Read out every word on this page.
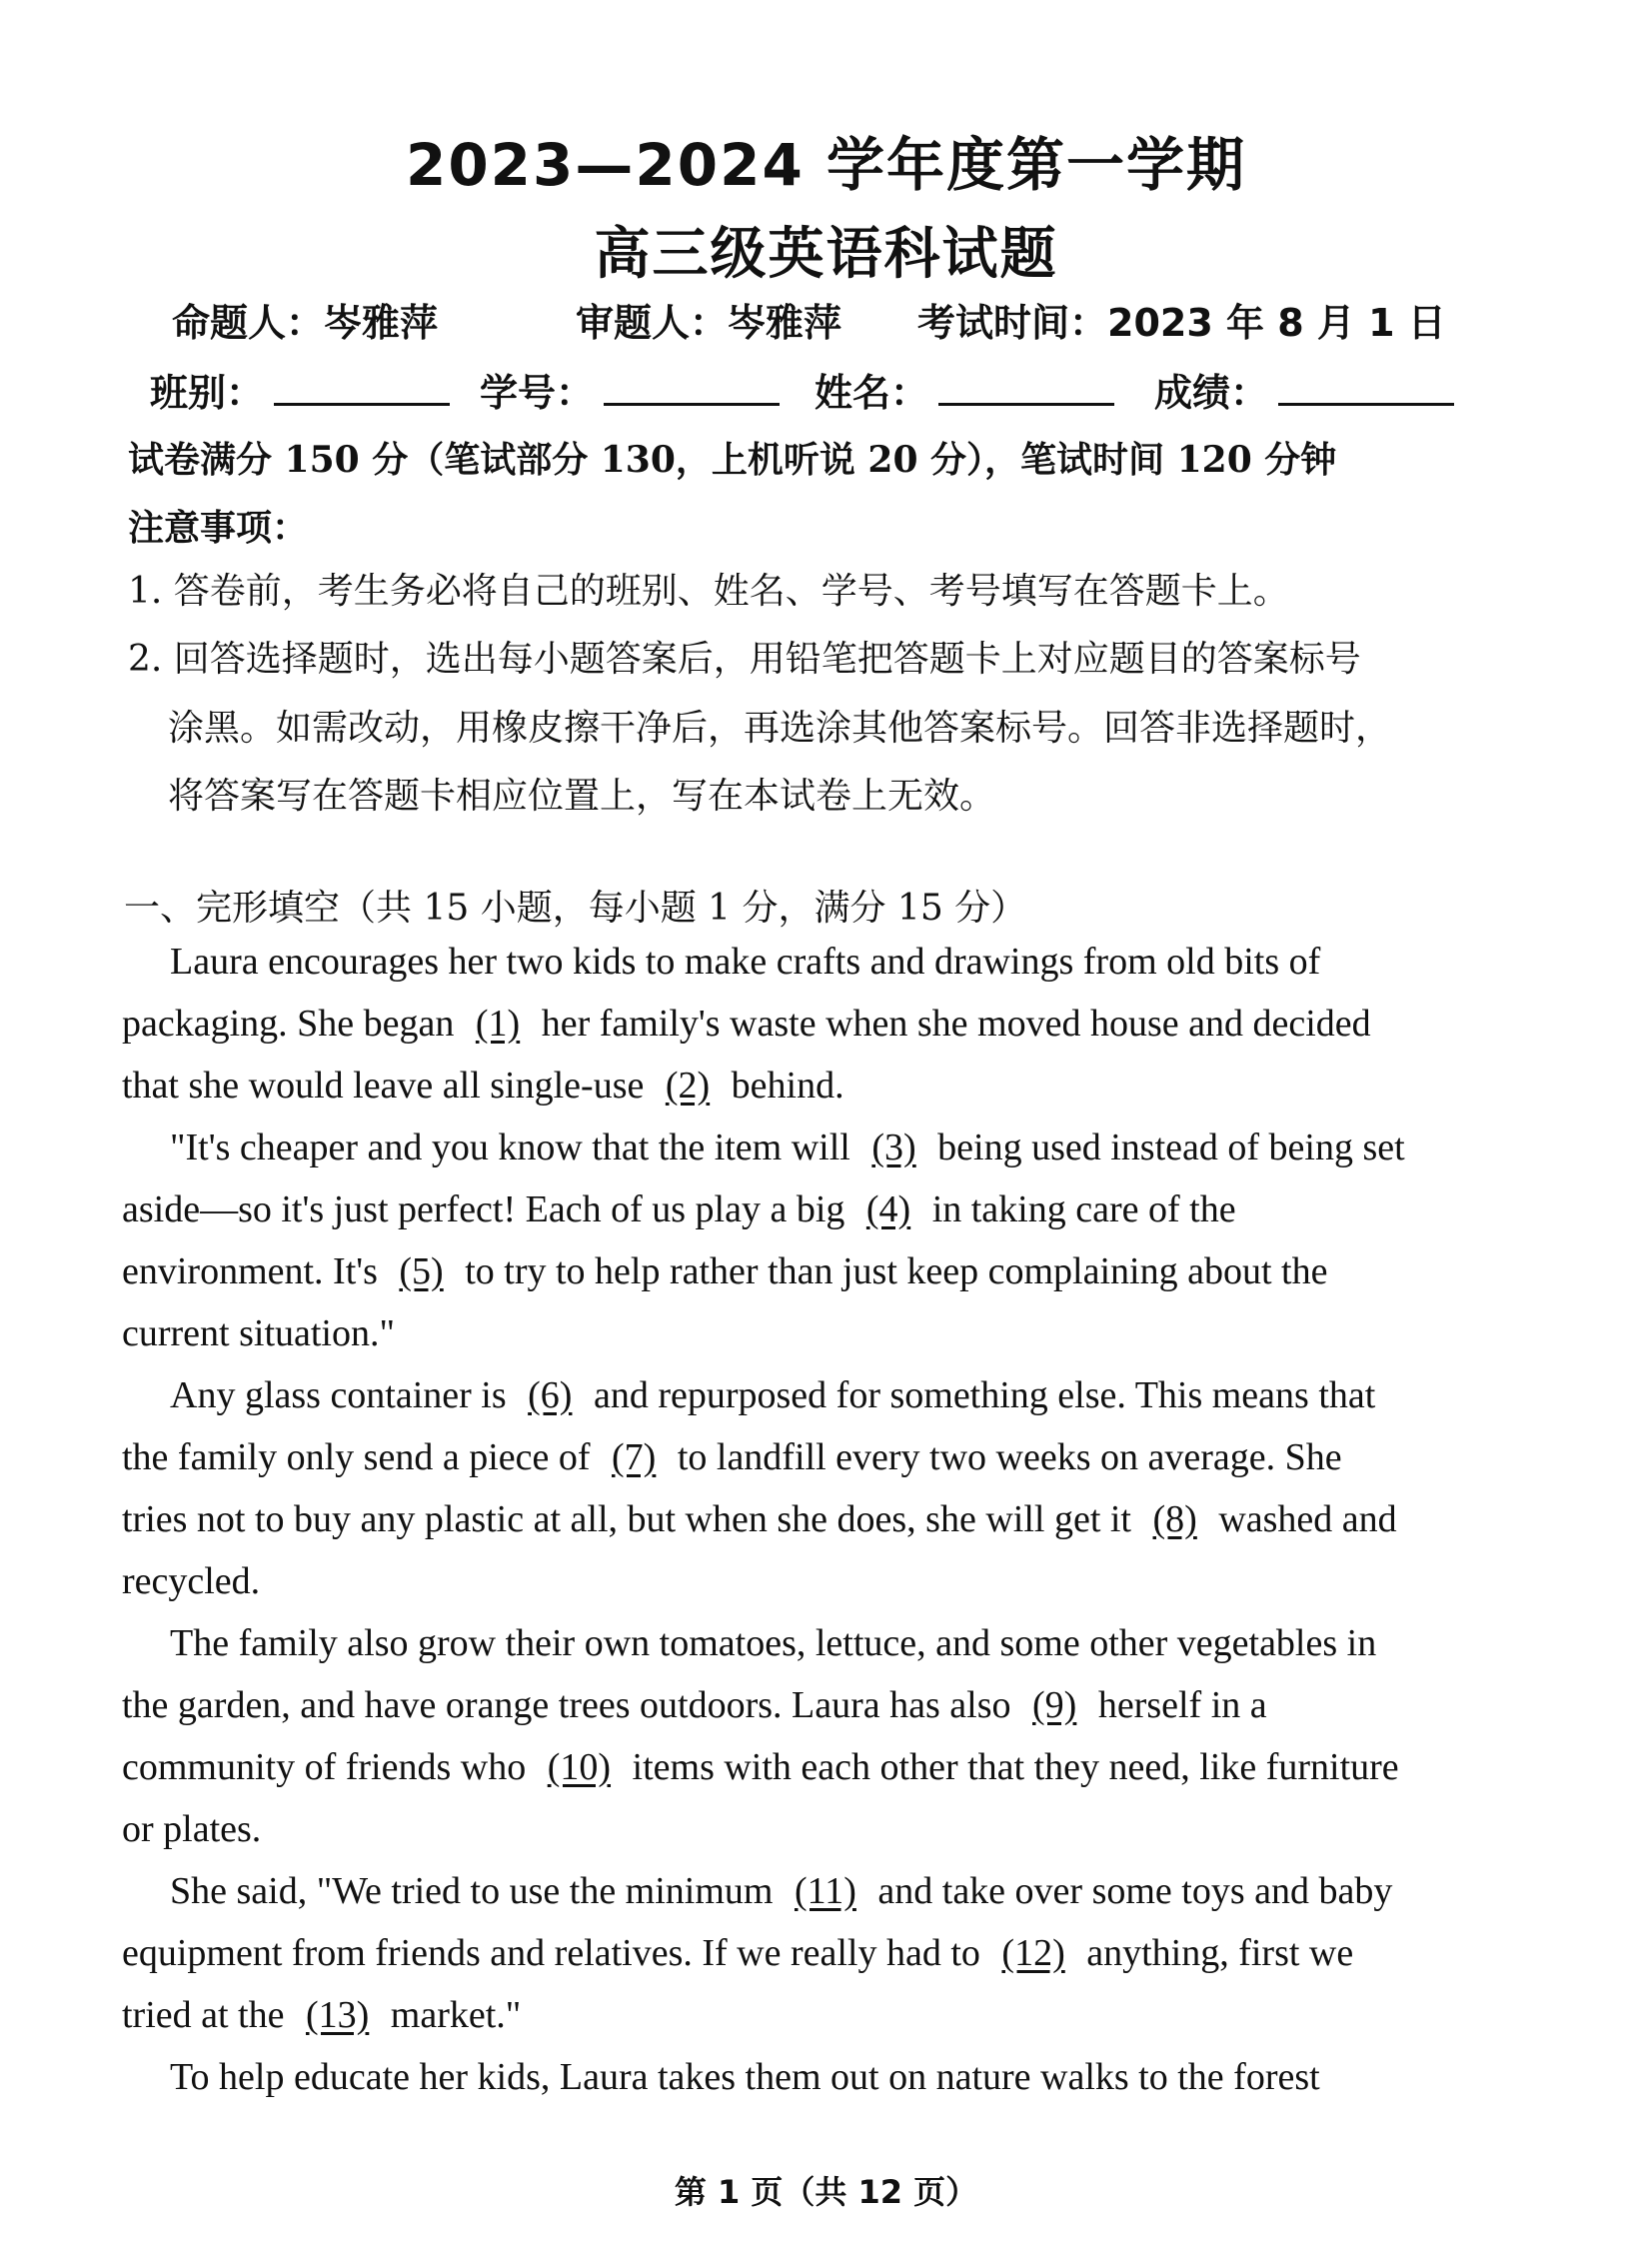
2023—2024 学年度第一学期
高三级英语科试题
命题人：岑雅萍	审题人：岑雅萍 考试时间：2023 年 8 月 1 日
班别：	学号：	姓名：	成绩：
试卷满分 150 分（笔试部分 130，上机听说 20 分），笔试时间 120 分钟
注意事项：
1. 答卷前，考生务必将自己的班别、姓名、学号、考号填写在答题卡上。
2. 回答选择题时，选出每小题答案后，用铅笔把答题卡上对应题目的答案标号
涂黑。如需改动，用橡皮擦干净后，再选涂其他答案标号。回答非选择题时，
将答案写在答题卡相应位置上，写在本试卷上无效。
一、完形填空（共 15 小题，每小题 1 分，满分 15 分）
Laura encourages her two kids to make crafts and drawings from old bits of
packaging. She began (1) her family's waste when she moved house and decided
that she would leave all single-use (2) behind.
"It's cheaper and you know that the item will (3) being used instead of being set
aside—so it's just perfect! Each of us play a big (4) in taking care of the
environment. It's (5) to try to help rather than just keep complaining about the
current situation."
Any glass container is (6) and repurposed for something else. This means that
the family only send a piece of (7) to landfill every two weeks on average. She
tries not to buy any plastic at all, but when she does, she will get it (8) washed and
recycled.
The family also grow their own tomatoes, lettuce, and some other vegetables in
the garden, and have orange trees outdoors. Laura has also (9) herself in a
community of friends who (10) items with each other that they need, like furniture
or plates.
She said, "We tried to use the minimum (11) and take over some toys and baby
equipment from friends and relatives. If we really had to (12) anything, first we
tried at the (13) market."
To help educate her kids, Laura takes them out on nature walks to the forest
第 1 页（共 12 页）
